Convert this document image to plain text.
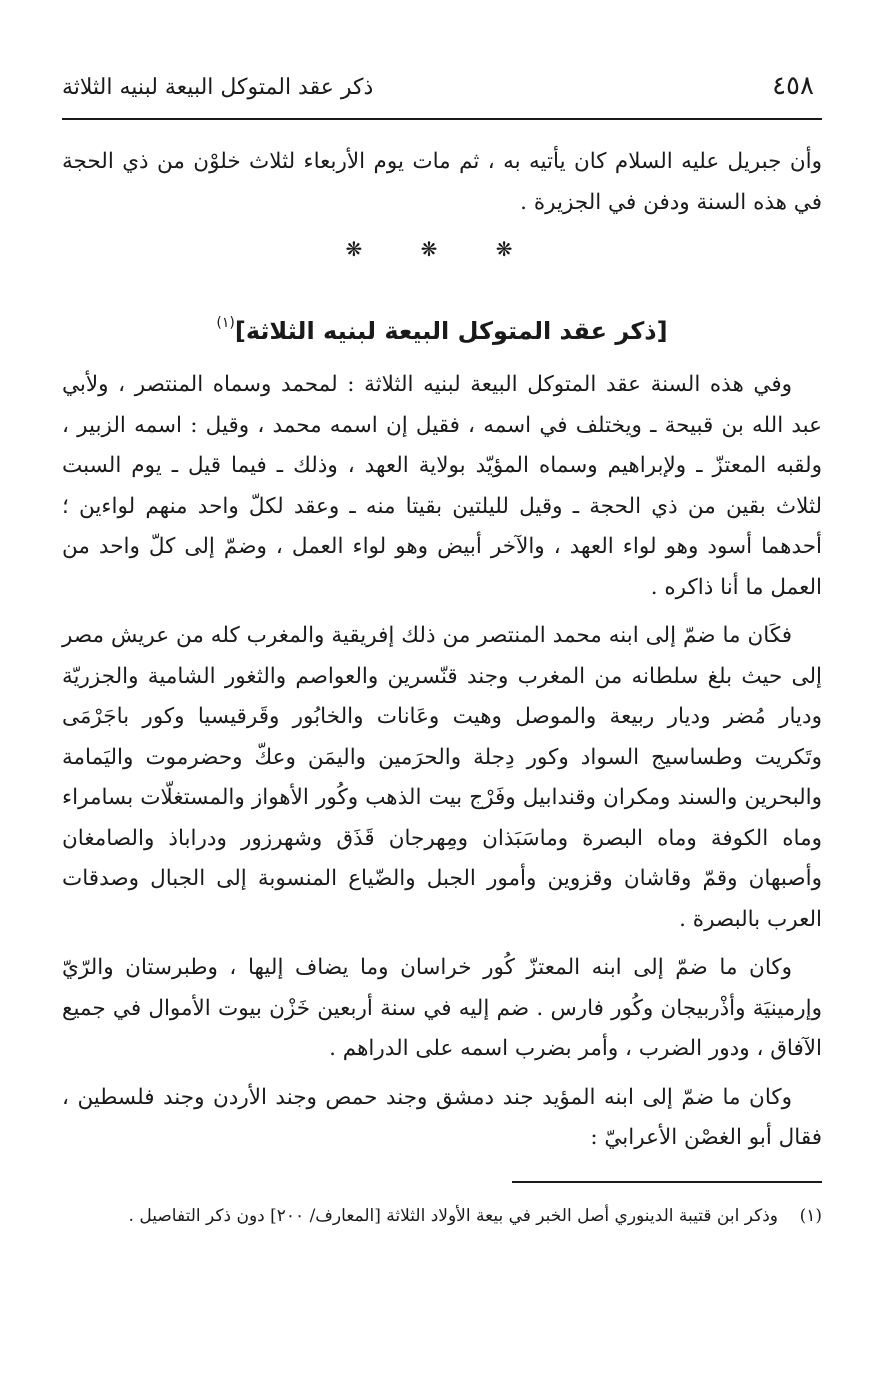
٤٥٨
ذكر عقد المتوكل البيعة لبنيه الثلاثة

وأن جبريل عليه السلام كان يأتيه به ، ثم مات يوم الأربعاء لثلاث خلوْن من ذي الحجة في هذه السنة ودفن في الجزيرة .

❋ ❋ ❋
[ذكر عقد المتوكل البيعة لبنيه الثلاثة]$^{(١)}$

وفي هذه السنة عقد المتوكل البيعة لبنيه الثلاثة : لمحمد وسماه المنتصر ، ولأبي عبد الله بن قبيحة ـ ويختلف في اسمه ، فقيل إن اسمه محمد ، وقيل : اسمه الزبير ، ولقبه المعتزّ ـ ولإبراهيم وسماه المؤيّد بولاية العهد ، وذلك ـ فيما قيل ـ يوم السبت لثلاث بقين من ذي الحجة ـ وقيل لليلتين بقيتا منه ـ وعقد لكلّ واحد منهم لواءين ؛ أحدهما أسود وهو لواء العهد ، والآخر أبيض وهو لواء العمل ، وضمّ إلى كلّ واحد من العمل ما أنا ذاكره .

فكَان ما ضمّ إلى ابنه محمد المنتصر من ذلك إفريقية والمغرب كله من عريش مصر إلى حيث بلغ سلطانه من المغرب وجند قنّسرين والعواصم والثغور الشامية والجزريّة وديار مُضر وديار ربيعة والموصل وهيت وعَانات والخابُور وقَرقيسيا وكور باجَرْمَى وتَكريت وطساسيج السواد وكور دِجلة والحرَمين واليمَن وعكّ وحضرموت واليَمامة والبحرين والسند ومكران وقندابيل وفَرْج بيت الذهب وكُور الأهواز والمستغلّات بسامراء وماه الكوفة وماه البصرة وماسَبَذان ومِهرجان قَذَق وشهرزور ودراباذ والصامغان وأصبهان وقمّ وقاشان وقزوين وأمور الجبل والضّياع المنسوبة إلى الجبال وصدقات العرب بالبصرة .

وكان ما ضمّ إلى ابنه المعتزّ كُور خراسان وما يضاف إليها ، وطبرستان والرّيّ وإرمينيَة وأذْربيجان وكُور فارس . ضم إليه في سنة أربعين خَزْن بيوت الأموال في جميع الآفاق ، ودور الضرب ، وأمر بضرب اسمه على الدراهم .

وكان ما ضمّ إلى ابنه المؤيد جند دمشق وجند حمص وجند الأردن وجند فلسطين ، فقال أبو الغصْن الأعرابيّ :

(١)
وذكر ابن قتيبة الدينوري أصل الخبر في بيعة الأولاد الثلاثة [المعارف/ ٢٠٠] دون ذكر التفاصيل .
